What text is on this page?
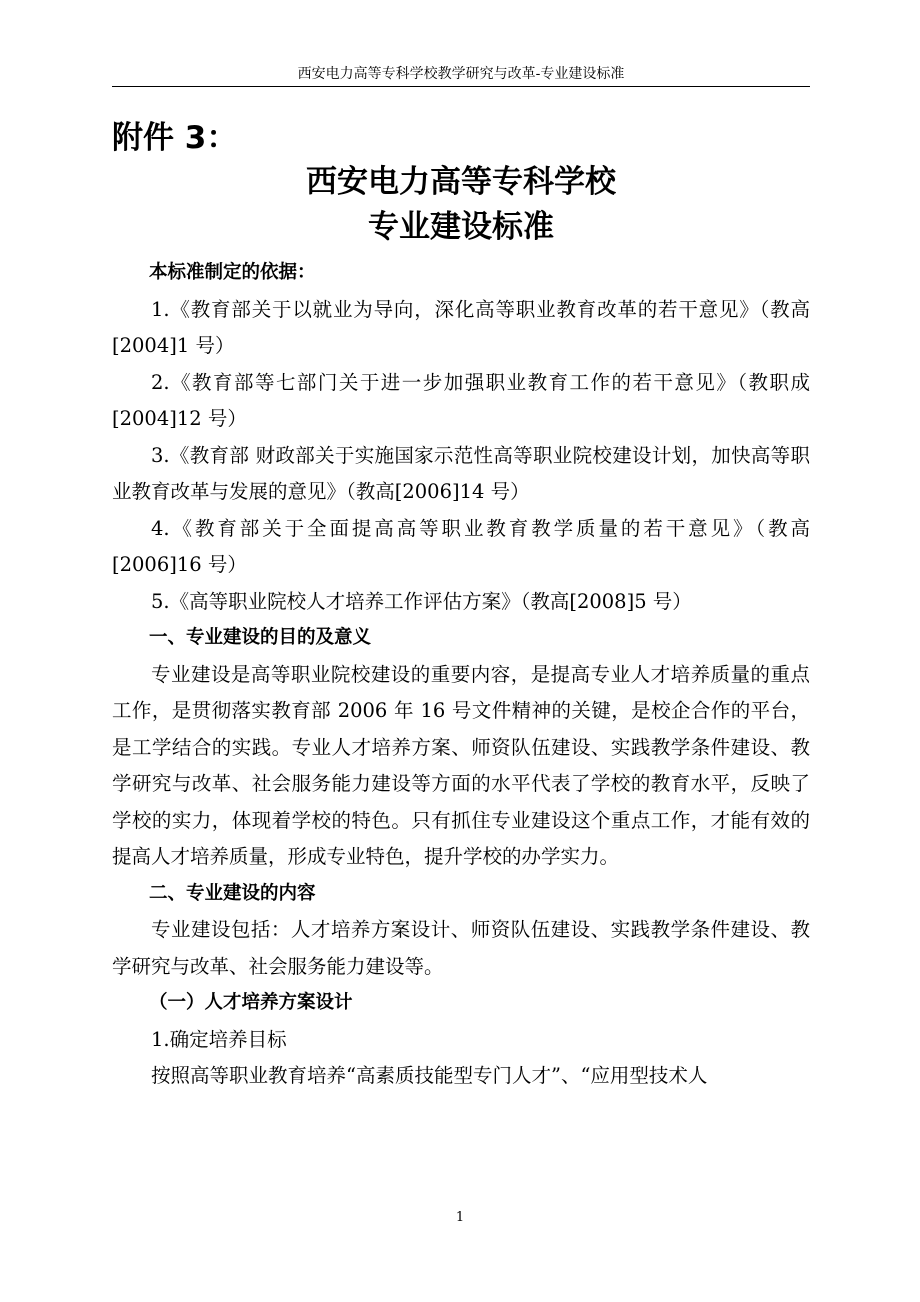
西安电力高等专科学校教学研究与改革-专业建设标准
附件 3：
西安电力高等专科学校
专业建设标准

本标准制定的依据：

1.《教育部关于以就业为导向，深化高等职业教育改革的若干意见》（教高[2004]1 号）

2.《教育部等七部门关于进一步加强职业教育工作的若干意见》（教职成[2004]12 号）

3.《教育部 财政部关于实施国家示范性高等职业院校建设计划，加快高等职业教育改革与发展的意见》（教高[2006]14 号）

4.《教育部关于全面提高高等职业教育教学质量的若干意见》（教高[2006]16 号）

5.《高等职业院校人才培养工作评估方案》（教高[2008]5 号）

一、专业建设的目的及意义

专业建设是高等职业院校建设的重要内容，是提高专业人才培养质量的重点工作，是贯彻落实教育部 2006 年 16 号文件精神的关键，是校企合作的平台，是工学结合的实践。专业人才培养方案、师资队伍建设、实践教学条件建设、教学研究与改革、社会服务能力建设等方面的水平代表了学校的教育水平，反映了学校的实力，体现着学校的特色。只有抓住专业建设这个重点工作，才能有效的提高人才培养质量，形成专业特色，提升学校的办学实力。

二、专业建设的内容

专业建设包括：人才培养方案设计、师资队伍建设、实践教学条件建设、教学研究与改革、社会服务能力建设等。

（一）人才培养方案设计

1.确定培养目标

按照高等职业教育培养“高素质技能型专门人才”、“应用型技术人

1
